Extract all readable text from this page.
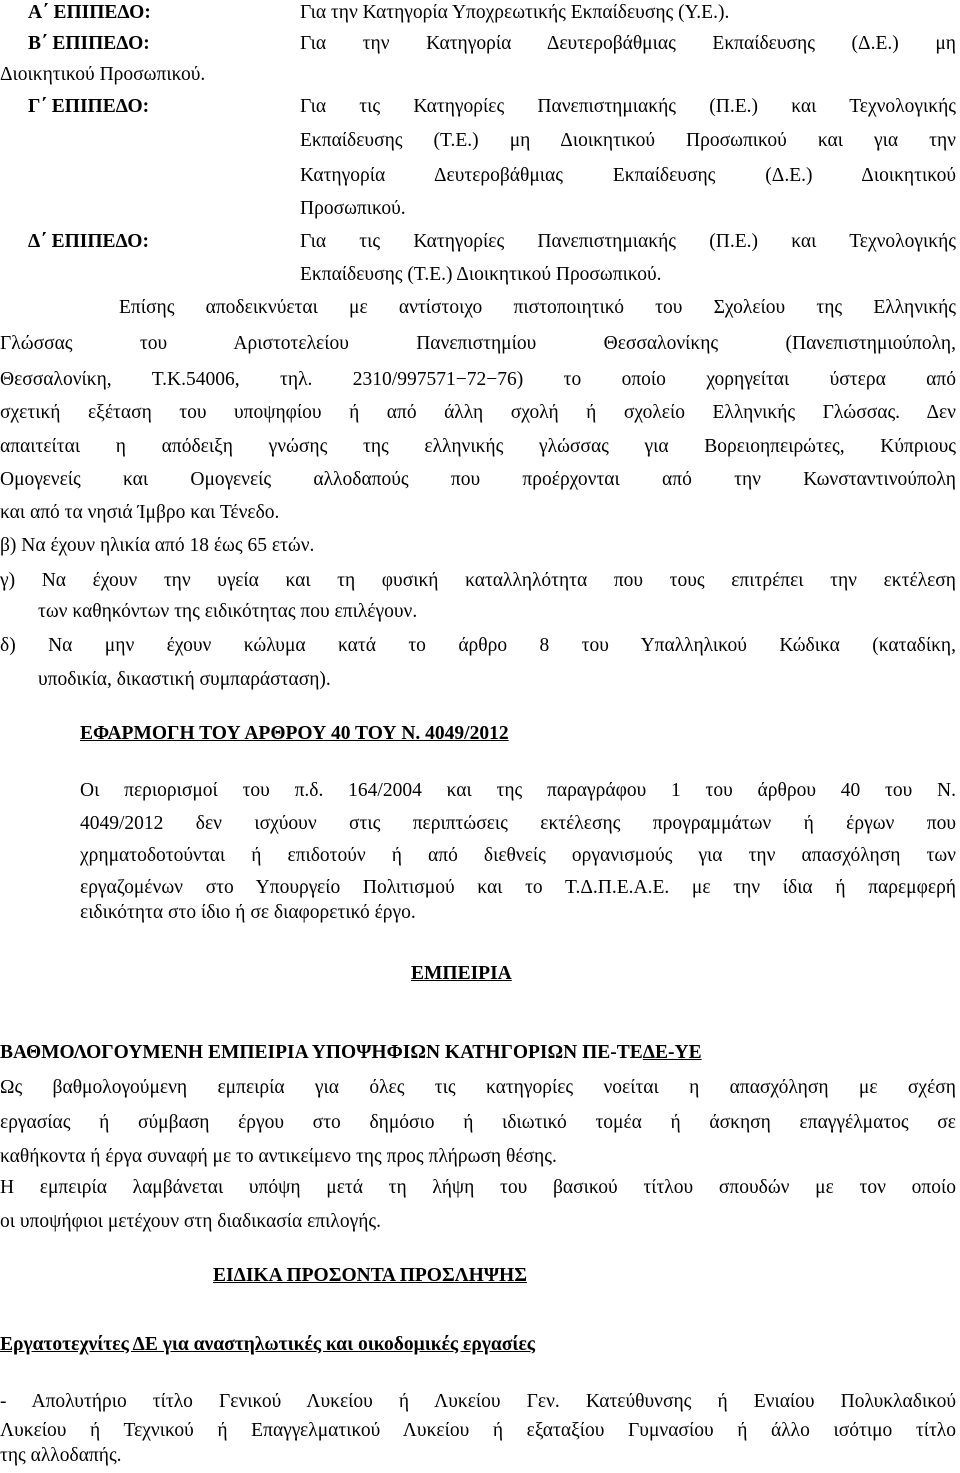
Α΄ ΕΠΙΠΕΔΟ:	Για την Κατηγορία Υποχρεωτικής Εκπαίδευσης (Υ.Ε.).
Β΄ ΕΠΙΠΕΔΟ:	Για την Κατηγορία Δευτεροβάθμιας Εκπαίδευσης (Δ.Ε.) μη
Διοικητικού Προσωπικού.
Γ΄ ΕΠΙΠΕΔΟ:	Για τις Κατηγορίες Πανεπιστημιακής (Π.Ε.) και Τεχνολογικής
Εκπαίδευσης (Τ.Ε.) μη Διοικητικού Προσωπικού και για την
Κατηγορία Δευτεροβάθμιας Εκπαίδευσης (Δ.Ε.) Διοικητικού
Προσωπικού.
Δ΄ ΕΠΙΠΕΔΟ:	Για τις Κατηγορίες Πανεπιστημιακής (Π.Ε.) και Τεχνολογικής
Εκπαίδευσης (Τ.Ε.) Διοικητικού Προσωπικού.
Επίσης αποδεικνύεται με αντίστοιχο πιστοποιητικό του Σχολείου της Ελληνικής
Γλώσσας του Αριστοτελείου Πανεπιστημίου Θεσσαλονίκης (Πανεπιστημιούπολη,
Θεσσαλονίκη, Τ.Κ.54006, τηλ. 2310/997571−72−76) το οποίο χορηγείται ύστερα από
σχετική εξέταση του υποψηφίου ή από άλλη σχολή ή σχολείο Ελληνικής Γλώσσας. Δεν
απαιτείται η απόδειξη γνώσης της ελληνικής γλώσσας για Βορειοηπειρώτες, Κύπριους
Ομογενείς και Ομογενείς αλλοδαπούς που προέρχονται από την Κωνσταντινούπολη
και από τα νησιά Ίμβρο και Τένεδο.
β) Να έχουν ηλικία από 18 έως 65 ετών.
γ) Να έχουν την υγεία και τη φυσική καταλληλότητα που τους επιτρέπει την εκτέλεση
των καθηκόντων της ειδικότητας που επιλέγουν.
δ) Να μην έχουν κώλυμα κατά το άρθρο 8 του Υπαλληλικού Κώδικα (καταδίκη,
υποδικία, δικαστική συμπαράσταση).
ΕΦΑΡΜΟΓΗ ΤΟΥ ΑΡΘΡΟΥ 40 ΤΟΥ Ν. 4049/2012
Οι περιορισμοί του π.δ. 164/2004 και της παραγράφου 1 του άρθρου 40 του Ν.
4049/2012 δεν ισχύουν στις περιπτώσεις εκτέλεσης προγραμμάτων ή έργων που
χρηματοδοτούνται ή επιδοτούν ή από διεθνείς οργανισμούς για την απασχόληση των
εργαζομένων στο Υπουργείο Πολιτισμού και το Τ.Δ.Π.Ε.Α.Ε. με την ίδια ή παρεμφερή
ειδικότητα στο ίδιο ή σε διαφορετικό έργο.
ΕΜΠΕΙΡΙΑ
ΒΑΘΜΟΛΟΓΟΥΜΕΝΗ ΕΜΠΕΙΡΙΑ ΥΠΟΨΗΦΙΩΝ ΚΑΤΗΓΟΡΙΩΝ ΠΕ-ΤΕΔΕ-ΥΕ
Ως βαθμολογούμενη εμπειρία για όλες τις κατηγορίες νοείται η απασχόληση με σχέση
εργασίας ή σύμβαση έργου στο δημόσιο ή ιδιωτικό τομέα ή άσκηση επαγγέλματος σε
καθήκοντα ή έργα συναφή με το αντικείμενο της προς πλήρωση θέσης.
Η εμπειρία λαμβάνεται υπόψη μετά τη λήψη του βασικού τίτλου σπουδών με τον οποίο
οι υποψήφιοι μετέχουν στη διαδικασία επιλογής.
ΕΙΔΙΚΑ ΠΡΟΣΟΝΤΑ ΠΡΟΣΛΗΨΗΣ
Εργατοτεχνίτες ΔΕ για αναστηλωτικές και οικοδομικές εργασίες
- Απολυτήριο τίτλο Γενικού Λυκείου ή Λυκείου Γεν. Κατεύθυνσης ή Ενιαίου Πολυκλαδικού
Λυκείου ή Τεχνικού ή Επαγγελματικού Λυκείου ή εξαταξίου Γυμνασίου ή άλλο ισότιμο τίτλο
της αλλοδαπής.
